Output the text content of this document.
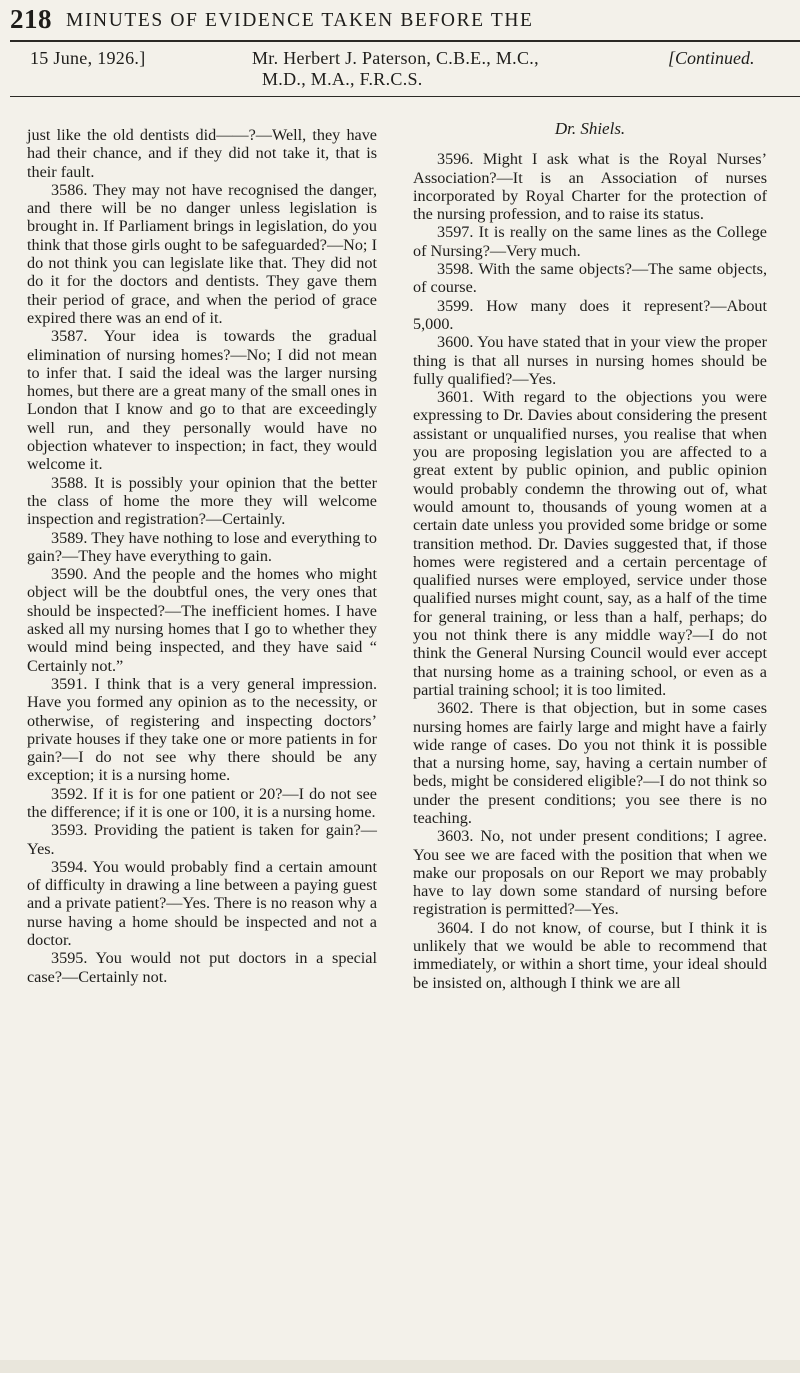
218 MINUTES OF EVIDENCE TAKEN BEFORE THE
15 June, 1926.]	Mr. Herbert J. Paterson, C.B.E., M.C.,
M.D., M.A., F.R.C.S.
[Continued.

just like the old dentists did——?—Well, they have had their chance, and if they did not take it, that is their fault.

3586. They may not have recognised the danger, and there will be no danger unless legislation is brought in. If Parliament brings in legislation, do you think that those girls ought to be safeguarded?—No; I do not think you can legislate like that. They did not do it for the doctors and dentists. They gave them their period of grace, and when the period of grace expired there was an end of it.

3587. Your idea is towards the gradual elimination of nursing homes?—No; I did not mean to infer that. I said the ideal was the larger nursing homes, but there are a great many of the small ones in London that I know and go to that are exceedingly well run, and they personally would have no objection whatever to inspection; in fact, they would welcome it.

3588. It is possibly your opinion that the better the class of home the more they will welcome inspection and registration?—Certainly.

3589. They have nothing to lose and everything to gain?—They have everything to gain.

3590. And the people and the homes who might object will be the doubtful ones, the very ones that should be inspected?—The inefficient homes. I have asked all my nursing homes that I go to whether they would mind being inspected, and they have said “ Certainly not.”

3591. I think that is a very general impression. Have you formed any opinion as to the necessity, or otherwise, of registering and inspecting doctors’ private houses if they take one or more patients in for gain?—I do not see why there should be any exception; it is a nursing home.

3592. If it is for one patient or 20?—I do not see the difference; if it is one or 100, it is a nursing home.

3593. Providing the patient is taken for gain?—Yes.

3594. You would probably find a certain amount of difficulty in drawing a line between a paying guest and a private patient?—Yes. There is no reason why a nurse having a home should be inspected and not a doctor.

3595. You would not put doctors in a special case?—Certainly not.

Dr. Shiels.

3596. Might I ask what is the Royal Nurses’ Association?—It is an Association of nurses incorporated by Royal Charter for the protection of the nursing profession, and to raise its status.

3597. It is really on the same lines as the College of Nursing?—Very much.

3598. With the same objects?—The same objects, of course.

3599. How many does it represent?—About 5,000.

3600. You have stated that in your view the proper thing is that all nurses in nursing homes should be fully qualified?—Yes.

3601. With regard to the objections you were expressing to Dr. Davies about considering the present assistant or unqualified nurses, you realise that when you are proposing legislation you are affected to a great extent by public opinion, and public opinion would probably condemn the throwing out of, what would amount to, thousands of young women at a certain date unless you provided some bridge or some transition method. Dr. Davies suggested that, if those homes were registered and a certain percentage of qualified nurses were employed, service under those qualified nurses might count, say, as a half of the time for general training, or less than a half, perhaps; do you not think there is any middle way?—I do not think the General Nursing Council would ever accept that nursing home as a training school, or even as a partial training school; it is too limited.

3602. There is that objection, but in some cases nursing homes are fairly large and might have a fairly wide range of cases. Do you not think it is possible that a nursing home, say, having a certain number of beds, might be considered eligible?—I do not think so under the present conditions; you see there is no teaching.

3603. No, not under present conditions; I agree. You see we are faced with the position that when we make our proposals on our Report we may probably have to lay down some standard of nursing before registration is permitted?—Yes.

3604. I do not know, of course, but I think it is unlikely that we would be able to recommend that immediately, or within a short time, your ideal should be insisted on, although I think we are all
